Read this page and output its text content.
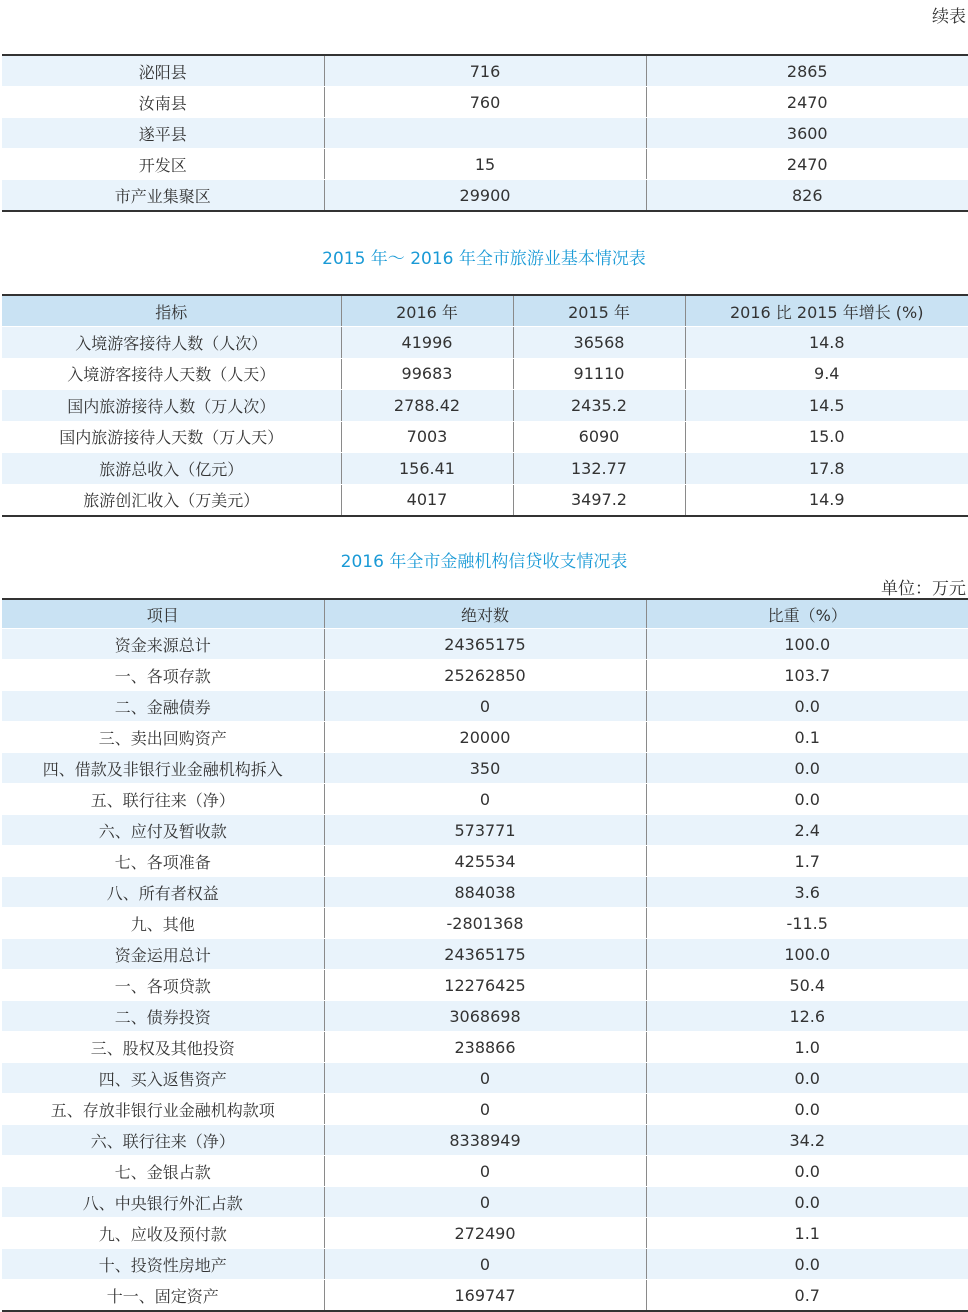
续表
泌阳县	716	2865
汝南县	760	2470
遂平县		3600
开发区	15	2470
市产业集聚区	29900	826
2015 年～ 2016 年全市旅游业基本情况表
指标	2016 年	2015 年	2016 比 2015 年增长 (%)
入境游客接待人数（人次）	41996	36568	14.8
入境游客接待人天数（人天）	99683	91110	9.4
国内旅游接待人数（万人次）	2788.42	2435.2	14.5
国内旅游接待人天数（万人天）	7003	6090	15.0
旅游总收入（亿元）	156.41	132.77	17.8
旅游创汇收入（万美元）	4017	3497.2	14.9
2016 年全市金融机构信贷收支情况表
单位：万元
项目	绝对数	比重（%）
资金来源总计	24365175	100.0
一、各项存款	25262850	103.7
二、金融债券	0	0.0
三、卖出回购资产	20000	0.1
四、借款及非银行业金融机构拆入	350	0.0
五、联行往来（净）	0	0.0
六、应付及暂收款	573771	2.4
七、各项准备	425534	1.7
八、所有者权益	884038	3.6
九、其他	-2801368	-11.5
资金运用总计	24365175	100.0
一、各项贷款	12276425	50.4
二、债券投资	3068698	12.6
三、股权及其他投资	238866	1.0
四、买入返售资产	0	0.0
五、存放非银行业金融机构款项	0	0.0
六、联行往来（净）	8338949	34.2
七、金银占款	0	0.0
八、中央银行外汇占款	0	0.0
九、应收及预付款	272490	1.1
十、投资性房地产	0	0.0
十一、固定资产	169747	0.7
